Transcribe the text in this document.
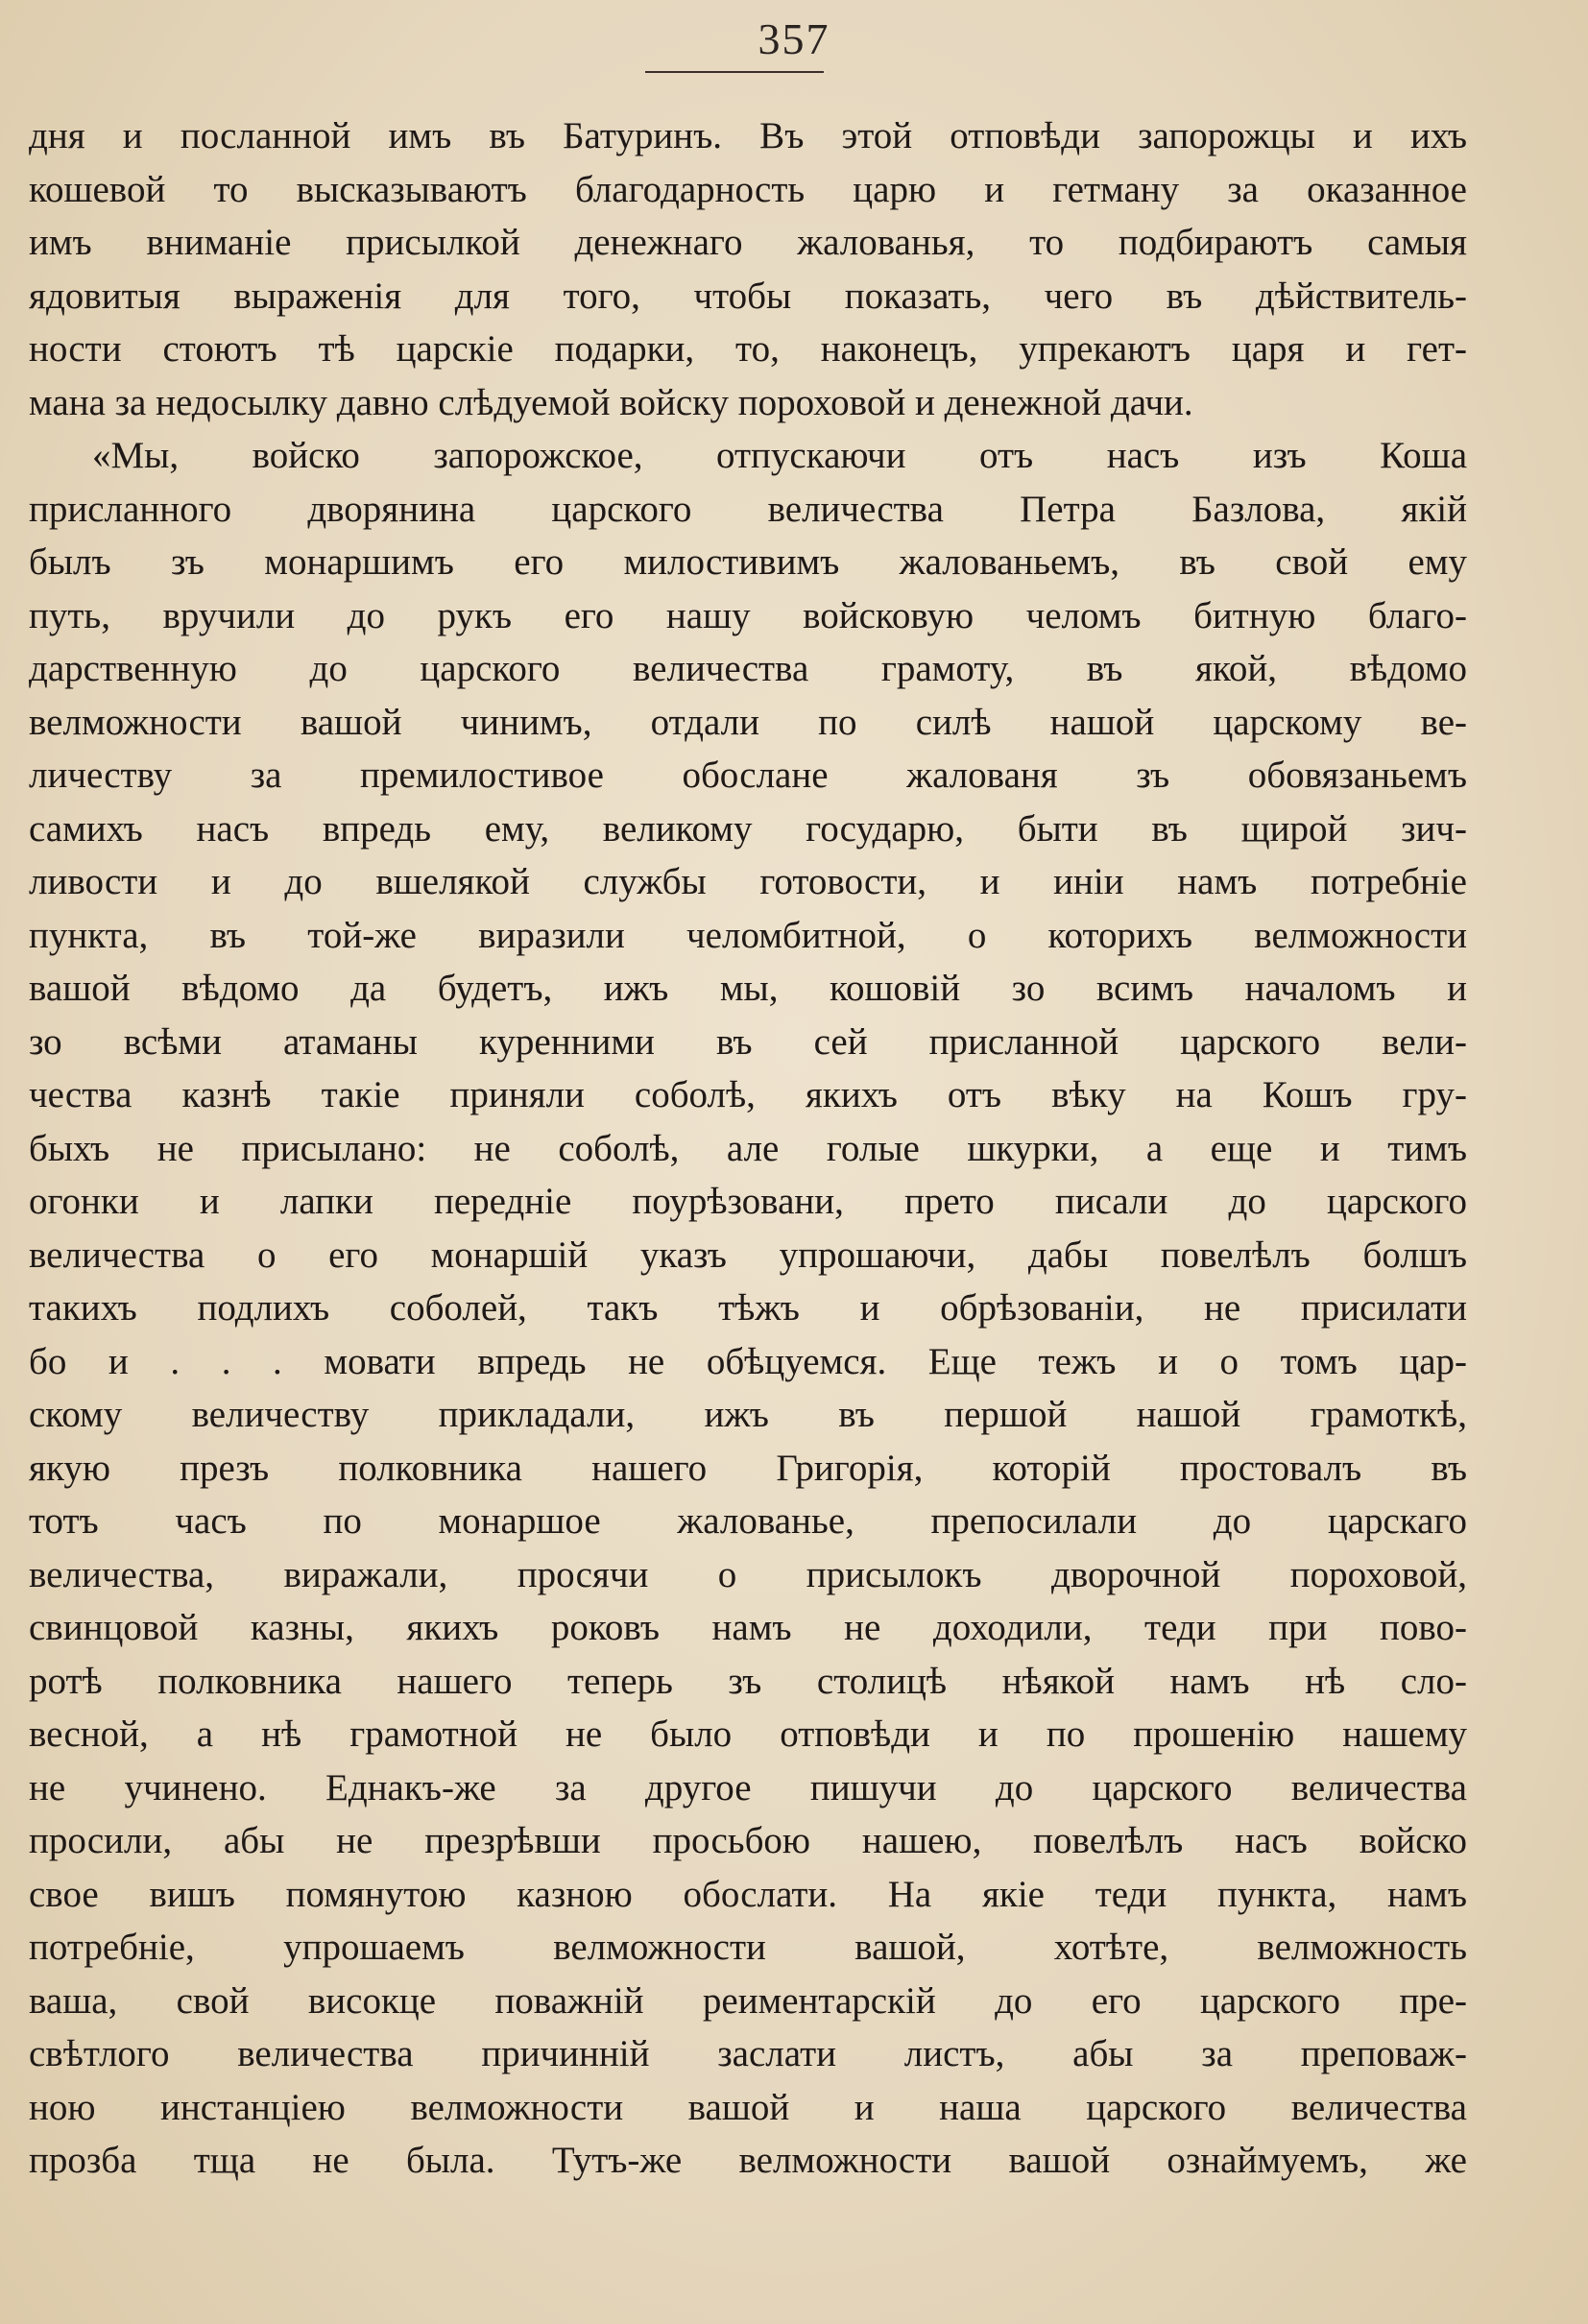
357
дня и посланной имъ въ Батуринъ. Въ этой отповѣди запорожцы и ихъ
кошевой то высказываютъ благодарность царю и гетману за оказанное
имъ вниманіе присылкой денежнаго жалованья, то подбираютъ самыя
ядовитыя выраженія для того, чтобы показать, чего въ дѣйствитель-
ности стоютъ тѣ царскіе подарки, то, наконецъ, упрекаютъ царя и гет-
мана за недосылку давно слѣдуемой войску пороховой и денежной дачи.
«Мы, войско запорожское, отпускаючи отъ насъ изъ Коша
присланного дворянина царского величества Петра Базлова, якій
былъ зъ монаршимъ его милостивимъ жалованьемъ, въ свой ему
путь, вручили до рукъ его нашу войсковую челомъ битную благо-
дарственную до царского величества грамоту, въ якой, вѣдомо
велможности вашой чинимъ, отдали по силѣ нашой царскому ве-
личеству за премилостивое обослане жалованя зъ обовязаньемъ
самихъ насъ впредь ему, великому государю, быти въ щирой зич-
ливости и до вшелякой службы готовости, и иніи намъ потребніе
пункта, въ той-же виразили челомбитной, о которихъ велможности
вашой вѣдомо да будетъ, ижъ мы, кошовій зо всимъ началомъ и
зо всѣми атаманы куренними въ сей присланной царского вели-
чества казнѣ такіе приняли соболѣ, якихъ отъ вѣку на Кошъ гру-
быхъ не присылано: не соболѣ, але голые шкурки, а еще и тимъ
огонки и лапки передніе поурѣзовани, прето писали до царского
величества о его монаршій указъ упрошаючи, дабы повелѣлъ болшъ
такихъ подлихъ соболей, такъ тѣжъ и обрѣзованіи, не присилати
бо и . . . мовати впредь не обѣцуемся. Еще тежъ и о томъ цар-
скому величеству прикладали, ижъ въ першой нашой грамоткѣ,
якую презъ полковника нашего Григорія, которій простовалъ въ
тотъ часъ по монаршое жалованье, препосилали до царскаго
величества, виражали, просячи о присылокъ дворочной пороховой,
свинцовой казны, якихъ роковъ намъ не доходили, теди при пово-
ротѣ полковника нашего теперь зъ столицѣ нѣякой намъ нѣ сло-
весной, а нѣ грамотной не было отповѣди и по прошенію нашему
не учинено. Еднакъ-же за другое пишучи до царского величества
просили, абы не презрѣвши просьбою нашею, повелѣлъ насъ войско
свое вишъ помянутою казною обослати. На якіе теди пункта, намъ
потребніе, упрошаемъ велможности вашой, хотѣте, велможность
ваша, свой високце поважній реиментарскій до его царского пре-
свѣтлого величества причинній заслати листъ, абы за преповаж-
ною инстанціею велможности вашой и наша царского величества
прозба тща не была. Тутъ-же велможности вашой ознаймуемъ, же
